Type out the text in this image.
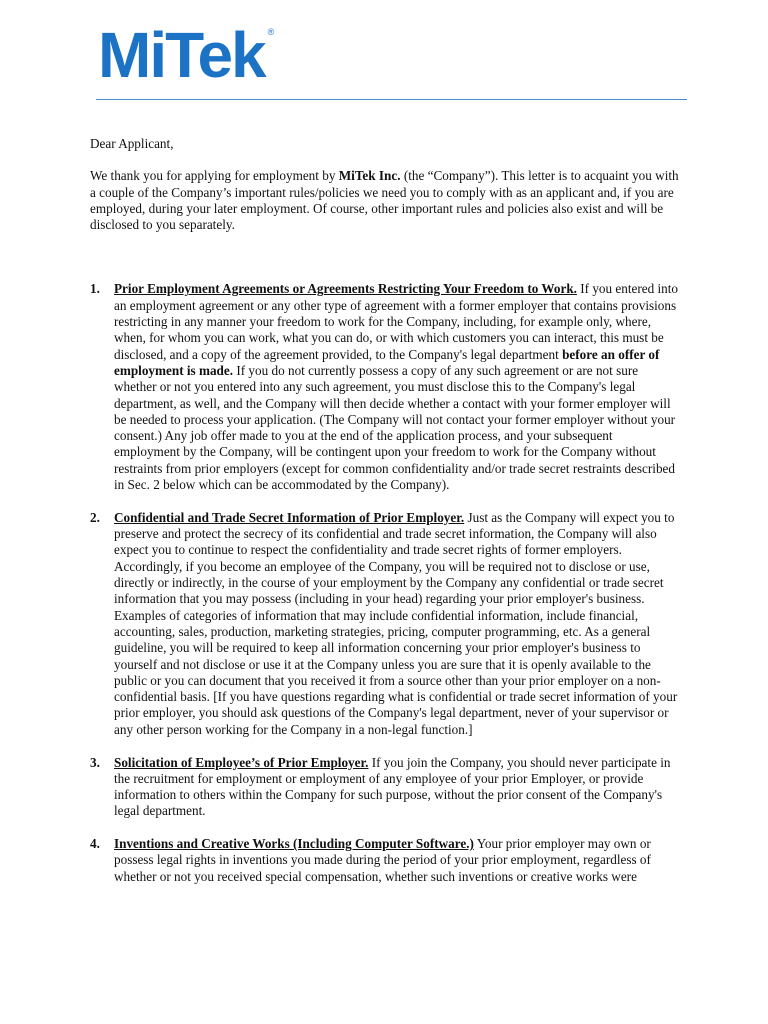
MiTek ®

Dear Applicant,

We thank you for applying for employment by MiTek Inc. (the “Company”). This letter is to acquaint you with a couple of the Company’s important rules/policies we need you to comply with as an applicant and, if you are employed, during your later employment. Of course, other important rules and policies also exist and will be disclosed to you separately.

1. Prior Employment Agreements or Agreements Restricting Your Freedom to Work. If you entered into an employment agreement or any other type of agreement with a former employer that contains provisions restricting in any manner your freedom to work for the Company, including, for example only, where, when, for whom you can work, what you can do, or with which customers you can interact, this must be disclosed, and a copy of the agreement provided, to the Company's legal department before an offer of employment is made. If you do not currently possess a copy of any such agreement or are not sure whether or not you entered into any such agreement, you must disclose this to the Company's legal department, as well, and the Company will then decide whether a contact with your former employer will be needed to process your application. (The Company will not contact your former employer without your consent.) Any job offer made to you at the end of the application process, and your subsequent employment by the Company, will be contingent upon your freedom to work for the Company without restraints from prior employers (except for common confidentiality and/or trade secret restraints described in Sec. 2 below which can be accommodated by the Company).
2. Confidential and Trade Secret Information of Prior Employer. Just as the Company will expect you to preserve and protect the secrecy of its confidential and trade secret information, the Company will also expect you to continue to respect the confidentiality and trade secret rights of former employers. Accordingly, if you become an employee of the Company, you will be required not to disclose or use, directly or indirectly, in the course of your employment by the Company any confidential or trade secret information that you may possess (including in your head) regarding your prior employer's business. Examples of categories of information that may include confidential information, include financial, accounting, sales, production, marketing strategies, pricing, computer programming, etc. As a general guideline, you will be required to keep all information concerning your prior employer's business to yourself and not disclose or use it at the Company unless you are sure that it is openly available to the public or you can document that you received it from a source other than your prior employer on a non- confidential basis. [If you have questions regarding what is confidential or trade secret information of your prior employer, you should ask questions of the Company's legal department, never of your supervisor or any other person working for the Company in a non-legal function.]
3. Solicitation of Employee’s of Prior Employer. If you join the Company, you should never participate in the recruitment for employment or employment of any employee of your prior Employer, or provide information to others within the Company for such purpose, without the prior consent of the Company's legal department.
4. Inventions and Creative Works (Including Computer Software.) Your prior employer may own or possess legal rights in inventions you made during the period of your prior employment, regardless of whether or not you received special compensation, whether such inventions or creative works were
